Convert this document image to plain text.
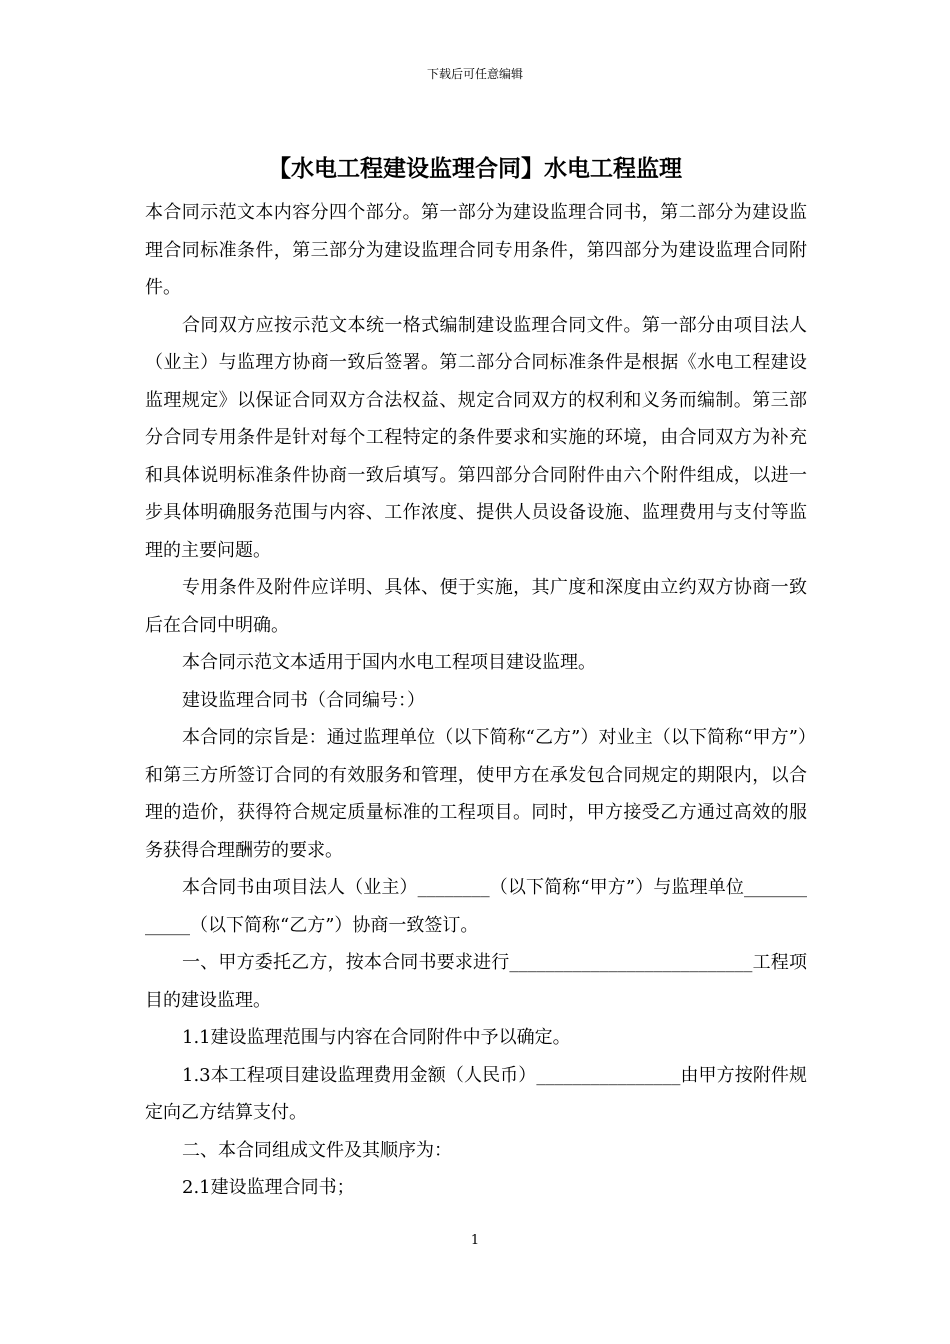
下载后可任意编辑
【水电工程建设监理合同】水电工程监理

本合同示范文本内容分四个部分。第一部分为建设监理合同书，第二部分为建设监理合同标准条件，第三部分为建设监理合同专用条件，第四部分为建设监理合同附件。

合同双方应按示范文本统一格式编制建设监理合同文件。第一部分由项目法人（业主）与监理方协商一致后签署。第二部分合同标准条件是根据《水电工程建设监理规定》以保证合同双方合法权益、规定合同双方的权利和义务而编制。第三部分合同专用条件是针对每个工程特定的条件要求和实施的环境，由合同双方为补充和具体说明标准条件协商一致后填写。第四部分合同附件由六个附件组成，以进一步具体明确服务范围与内容、工作浓度、提供人员设备设施、监理费用与支付等监理的主要问题。

专用条件及附件应详明、具体、便于实施，其广度和深度由立约双方协商一致后在合同中明确。

本合同示范文本适用于国内水电工程项目建设监理。

建设监理合同书（合同编号：）

本合同的宗旨是：通过监理单位（以下简称“乙方”）对业主（以下简称“甲方”）和第三方所签订合同的有效服务和管理，使甲方在承发包合同规定的期限内，以合理的造价，获得符合规定质量标准的工程项目。同时，甲方接受乙方通过高效的服务获得合理酬劳的要求。

本合同书由项目法人（业主）________（以下简称“甲方”）与监理单位____________（以下简称“乙方”）协商一致签订。

一、甲方委托乙方，按本合同书要求进行___________________________工程项目的建设监理。

1.1建设监理范围与内容在合同附件中予以确定。

1.3本工程项目建设监理费用金额（人民币）________________由甲方按附件规定向乙方结算支付。

二、本合同组成文件及其顺序为：

2.1建设监理合同书；

1
